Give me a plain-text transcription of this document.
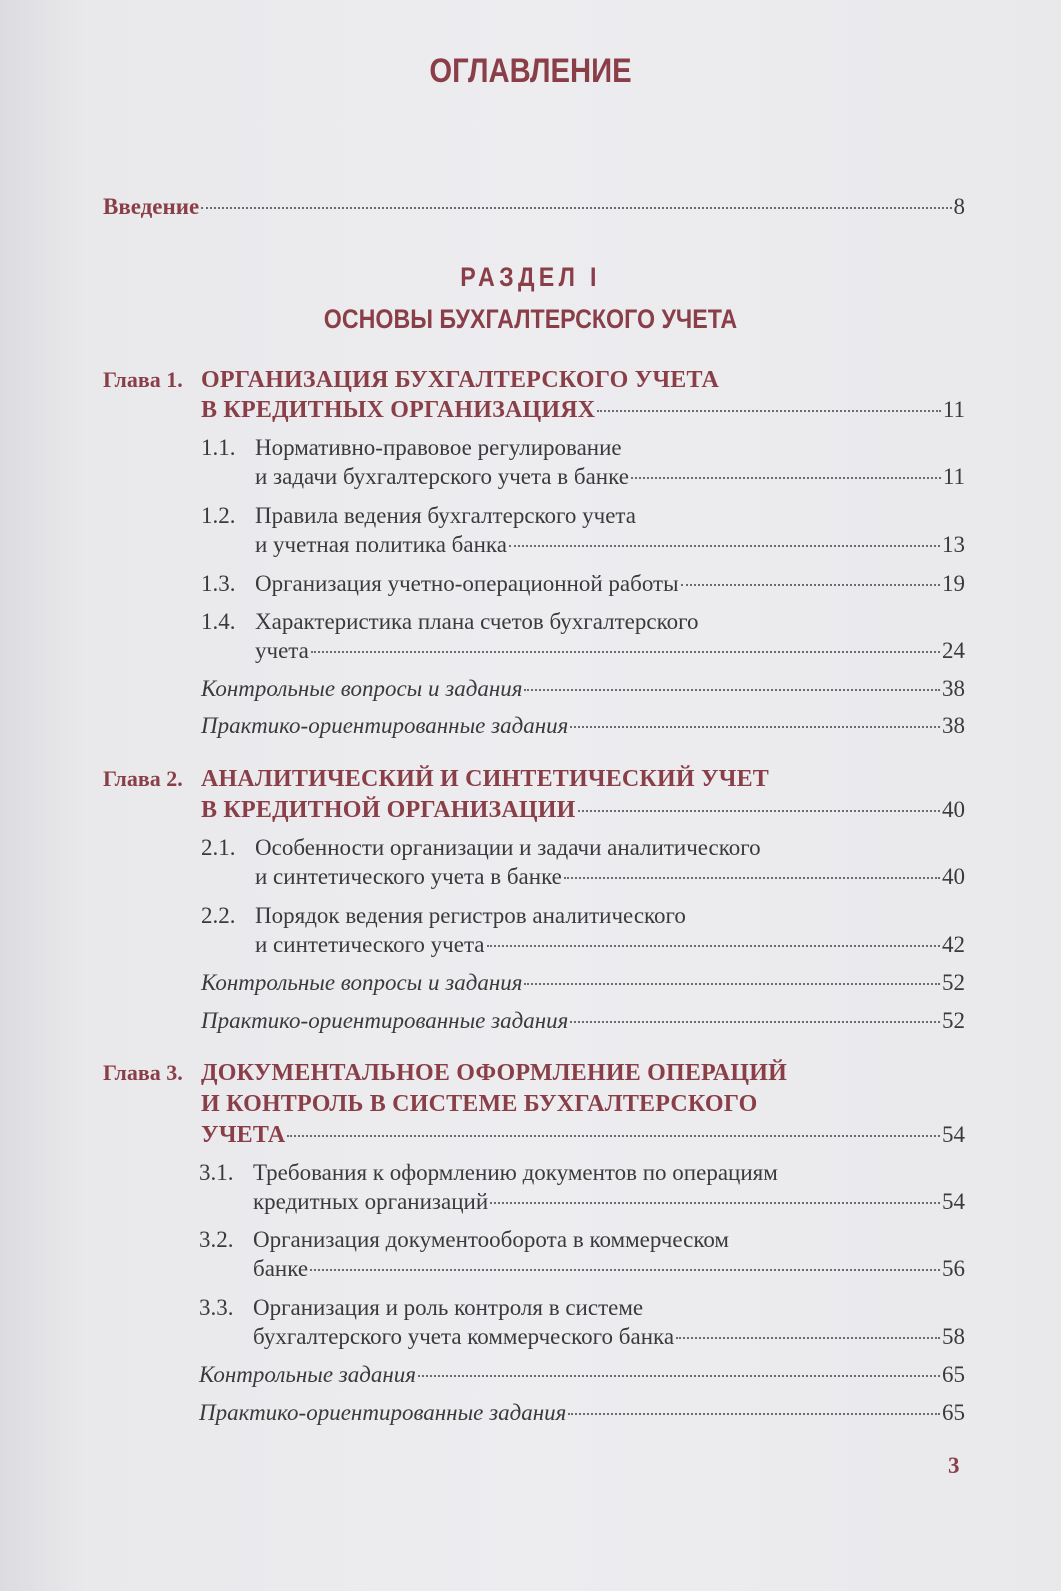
ОГЛАВЛЕНИЕ
Введение	8
РАЗДЕЛ I
ОСНОВЫ БУХГАЛТЕРСКОГО УЧЕТА
Глава 1. ОРГАНИЗАЦИЯ БУХГАЛТЕРСКОГО УЧЕТА
В КРЕДИТНЫХ ОРГАНИЗАЦИЯХ	11
1.1. Нормативно-правовое регулирование
и задачи бухгалтерского учета в банке	11
1.2. Правила ведения бухгалтерского учета
и учетная политика банка	13
1.3. Организация учетно-операционной работы	19
1.4. Характеристика плана счетов бухгалтерского
учета	24
Контрольные вопросы и задания	38
Практико-ориентированные задания	38
Глава 2. АНАЛИТИЧЕСКИЙ И СИНТЕТИЧЕСКИЙ УЧЕТ
В КРЕДИТНОЙ ОРГАНИЗАЦИИ	40
2.1. Особенности организации и задачи аналитического
и синтетического учета в банке	40
2.2. Порядок ведения регистров аналитического
и синтетического учета	42
Контрольные вопросы и задания	52
Практико-ориентированные задания	52
Глава 3. ДОКУМЕНТАЛЬНОЕ ОФОРМЛЕНИЕ ОПЕРАЦИЙ
И КОНТРОЛЬ В СИСТЕМЕ БУХГАЛТЕРСКОГО
УЧЕТА	54
3.1. Требования к оформлению документов по операциям
кредитных организаций	54
3.2. Организация документооборота в коммерческом
банке	56
3.3. Организация и роль контроля в системе
бухгалтерского учета коммерческого банка	58
Контрольные задания	65
Практико-ориентированные задания	65
3
